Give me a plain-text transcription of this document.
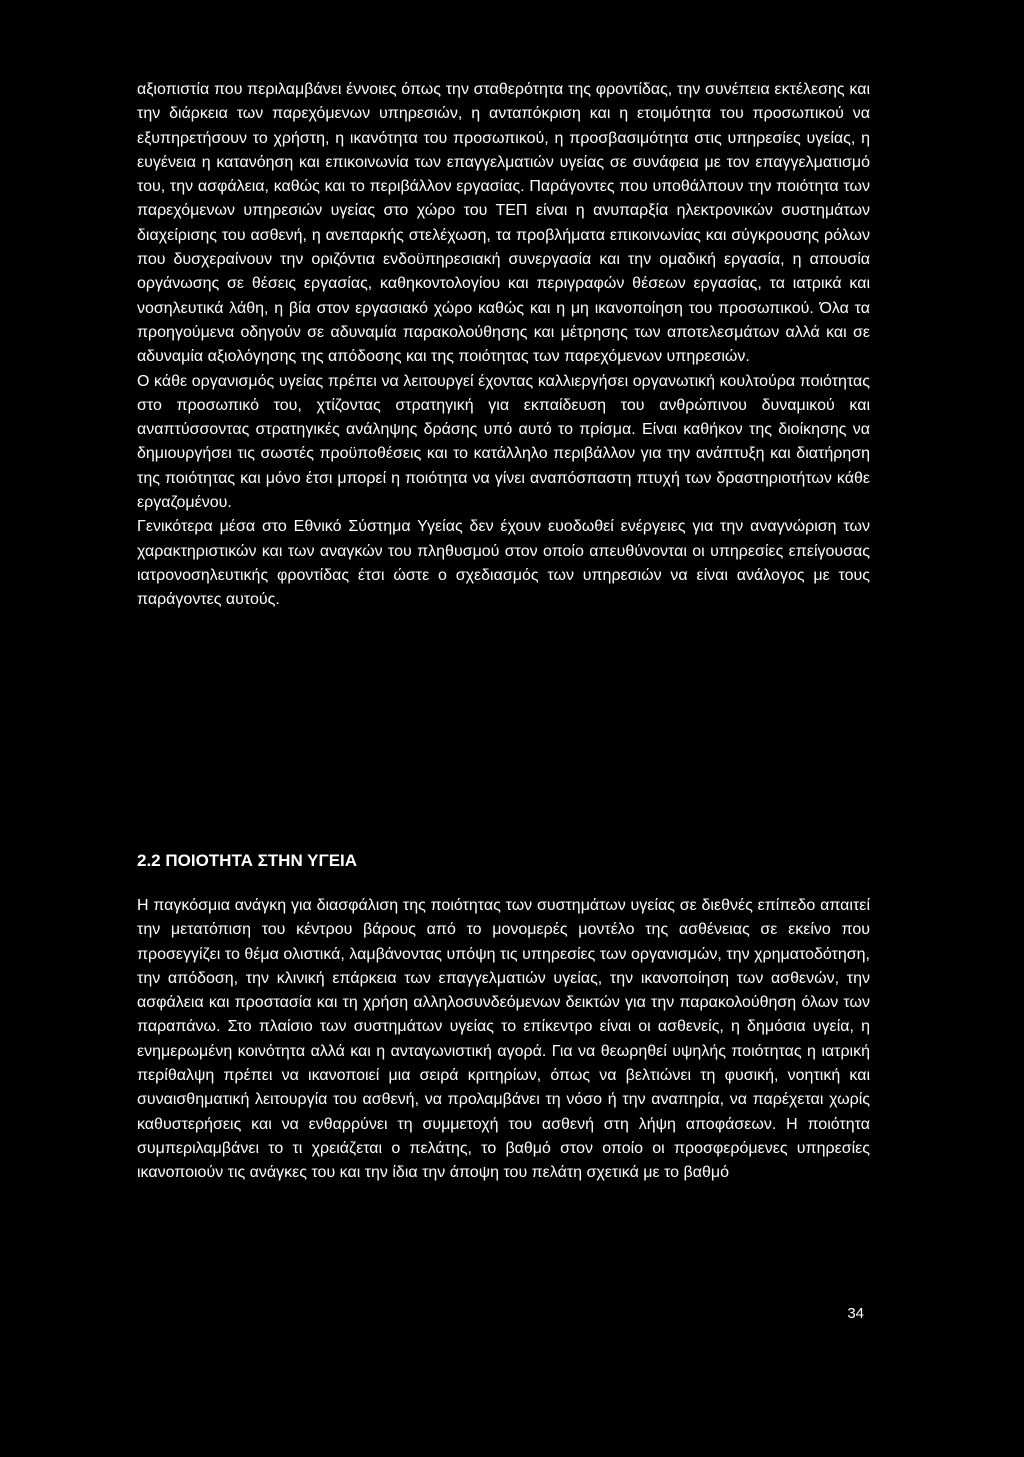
αξιοπιστία που περιλαμβάνει έννοιες όπως την σταθερότητα της φροντίδας, την συνέπεια εκτέλεσης και την διάρκεια των παρεχόμενων υπηρεσιών, η ανταπόκριση και η ετοιμότητα του προσωπικού να εξυπηρετήσουν το χρήστη, η ικανότητα του προσωπικού, η προσβασιμότητα στις υπηρεσίες υγείας, η ευγένεια η κατανόηση και επικοινωνία των επαγγελματιών υγείας σε συνάφεια με τον επαγγελματισμό του, την ασφάλεια, καθώς και το περιβάλλον εργασίας. Παράγοντες που υποθάλπουν την ποιότητα των παρεχόμενων υπηρεσιών υγείας στο χώρο του ΤΕΠ είναι η ανυπαρξία ηλεκτρονικών συστημάτων διαχείρισης του ασθενή, η ανεπαρκής στελέχωση, τα προβλήματα επικοινωνίας και σύγκρουσης ρόλων που δυσχεραίνουν την οριζόντια ενδοϋπηρεσιακή συνεργασία και την ομαδική εργασία, η απουσία οργάνωσης σε θέσεις εργασίας, καθηκοντολογίου και περιγραφών θέσεων εργασίας, τα ιατρικά και νοσηλευτικά λάθη, η βία στον εργασιακό χώρο καθώς και η μη ικανοποίηση του προσωπικού. Όλα τα προηγούμενα οδηγούν σε αδυναμία παρακολούθησης και μέτρησης των αποτελεσμάτων αλλά και σε αδυναμία αξιολόγησης της απόδοσης και της ποιότητας των παρεχόμενων υπηρεσιών.

Ο κάθε οργανισμός υγείας πρέπει να λειτουργεί έχοντας καλλιεργήσει οργανωτική κουλτούρα ποιότητας στο προσωπικό του, χτίζοντας στρατηγική για εκπαίδευση του ανθρώπινου δυναμικού και αναπτύσσοντας στρατηγικές ανάληψης δράσης υπό αυτό το πρίσμα. Είναι καθήκον της διοίκησης να δημιουργήσει τις σωστές προϋποθέσεις και το κατάλληλο περιβάλλον για την ανάπτυξη και διατήρηση της ποιότητας και μόνο έτσι μπορεί η ποιότητα να γίνει αναπόσπαστη πτυχή των δραστηριοτήτων κάθε εργαζομένου.

Γενικότερα μέσα στο Εθνικό Σύστημα Υγείας δεν έχουν ευοδωθεί ενέργειες για την αναγνώριση των χαρακτηριστικών και των αναγκών του πληθυσμού στον οποίο απευθύνονται οι υπηρεσίες επείγουσας ιατρονοσηλευτικής φροντίδας έτσι ώστε ο σχεδιασμός των υπηρεσιών να είναι ανάλογος με τους παράγοντες αυτούς.

2.2 ΠΟΙΟΤΗΤΑ ΣΤΗΝ ΥΓΕΙΑ

Η παγκόσμια ανάγκη για διασφάλιση της ποιότητας των συστημάτων υγείας σε διεθνές επίπεδο απαιτεί την μετατόπιση του κέντρου βάρους από το μονομερές μοντέλο της ασθένειας σε εκείνο που προσεγγίζει το θέμα ολιστικά, λαμβάνοντας υπόψη τις υπηρεσίες των οργανισμών, την χρηματοδότηση, την απόδοση, την κλινική επάρκεια των επαγγελματιών υγείας, την ικανοποίηση των ασθενών, την ασφάλεια και προστασία και τη χρήση αλληλοσυνδεόμενων δεικτών για την παρακολούθηση όλων των παραπάνω. Στο πλαίσιο των συστημάτων υγείας το επίκεντρο είναι οι ασθενείς, η δημόσια υγεία, η ενημερωμένη κοινότητα αλλά και η ανταγωνιστική αγορά. Για να θεωρηθεί υψηλής ποιότητας η ιατρική περίθαλψη πρέπει να ικανοποιεί μια σειρά κριτηρίων, όπως να βελτιώνει τη φυσική, νοητική και συναισθηματική λειτουργία του ασθενή, να προλαμβάνει τη νόσο ή την αναπηρία, να παρέχεται χωρίς καθυστερήσεις και να ενθαρρύνει τη συμμετοχή του ασθενή στη λήψη αποφάσεων. Η ποιότητα συμπεριλαμβάνει το τι χρειάζεται ο πελάτης, το βαθμό στον οποίο οι προσφερόμενες υπηρεσίες ικανοποιούν τις ανάγκες του και την ίδια την άποψη του πελάτη σχετικά με το βαθμό

34
